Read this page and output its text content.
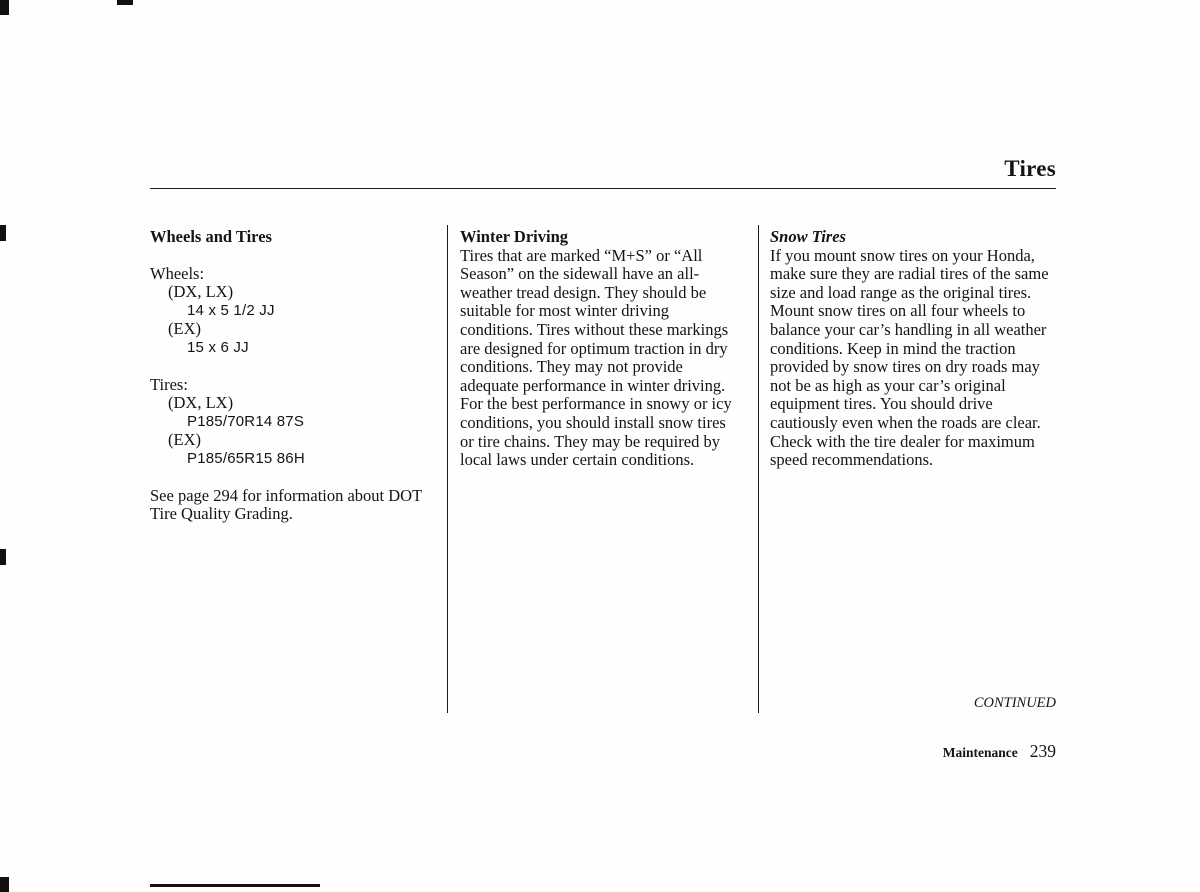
Tires
Wheels and Tires
Wheels:
(DX, LX)
14 x 5 1/2 JJ
(EX)
15 x 6 JJ
Tires:
(DX, LX)
P185/70R14 87S
(EX)
P185/65R15 86H
See page 294 for information about DOT Tire Quality Grading.
Winter Driving
Tires that are marked “M+S” or “All Season” on the sidewall have an all-weather tread design. They should be suitable for most winter driving conditions. Tires without these markings are designed for optimum traction in dry conditions. They may not provide adequate performance in winter driving.
For the best performance in snowy or icy conditions, you should install snow tires or tire chains. They may be required by local laws under certain conditions.
Snow Tires
If you mount snow tires on your Honda, make sure they are radial tires of the same size and load range as the original tires. Mount snow tires on all four wheels to balance your car’s handling in all weather conditions. Keep in mind the traction provided by snow tires on dry roads may not be as high as your car’s original equipment tires. You should drive cautiously even when the roads are clear. Check with the tire dealer for maximum speed recommendations.
CONTINUED
Maintenance 239
